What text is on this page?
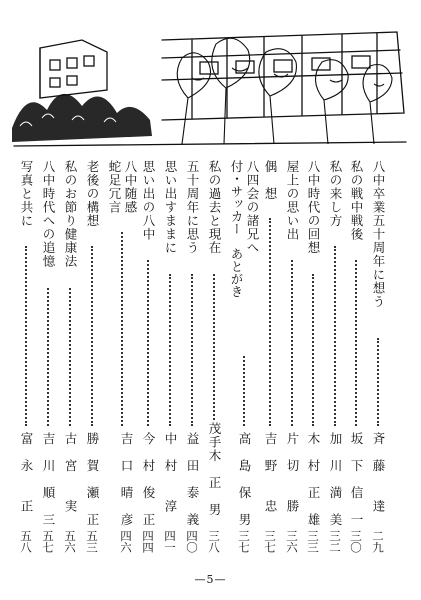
八中卒業五十周年に想う
斉　藤　　達
二九
私の戦中戦後
坂　下　信　一
三〇
私の来し方
加　川　満　美
三二
八中時代の回想
木　村　正　雄
三三
屋上の思い出
片　切　　勝
三六
偶　想
吉　野　　忠
三七
八四会の諸兄へ
付・サッカー　あとがき
高　島　保　男
三七
私の過去と現在
茂手木　正　男
三八
五十周年に思う
益　田　泰　義
四〇
思い出すままに
中　村　　淳
四一
思い出の八中
今　村　俊　正
四四
八中随感
蛇足冗言
吉　口　晴　彦
四六
老後の構想
勝　賀　瀬　正
五三
私のお節り健康法
古　宮　　実
五六
八中時代への追憶
吉　川　順　三
五七
写真と共に
富　永　　正
五八
—5—
